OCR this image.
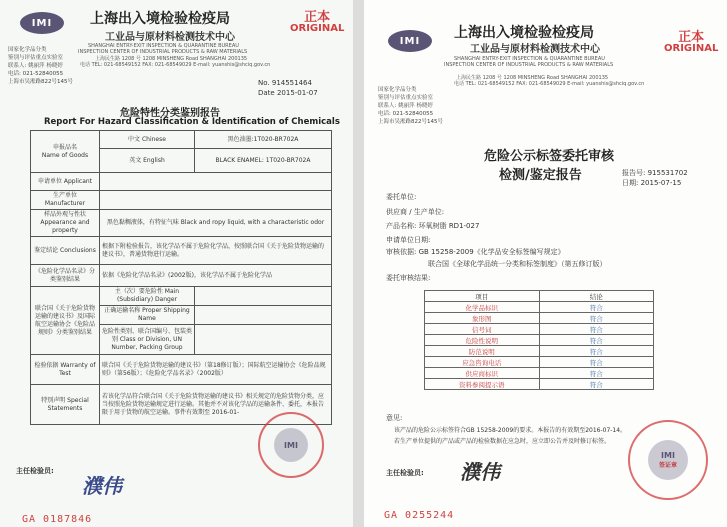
IMI	上海出入境检验检疫局
工业品与原材料检测技术中心
SHANGHAI ENTRY-EXIT INSPECTION & QUARANTINE BUREAU
INSPECTION CENTER OF INDUSTRIAL PRODUCTS & RAW MATERIALS
上海民生路 1208 号 1208 MINSHENG Road SHANGHAI 200135
电话 TEL: 021-68549152 FAX: 021-68549029 E-mail: yuanshis@shciq.gov.cn
正本
ORIGINAL
国家化学品分类
鉴别与评估重点实验室
联系人: 姚丽萍 杨晓婷
电话: 021-52840055
上海市吴淞路822号145号	No. 914551464
Date 2015-01-07
危险特性分类鉴别报告
Report For Hazard Classification & Identification of Chemicals
申报品名
Name of Goods	中文 Chinese	黑色油墨:1T020-BR702A
	英文 English	BLACK ENAMEL: 1T020-BR702A
申请单位 Applicant		
生产单位 Manufacturer		
样品外观与性状 Appearance and property	黑色黏稠液体，有特征气味 Black and ropy liquid, with a characteristic odor	
鉴定结论 Conclusions	根据下附检验报告，该化学品不属于危险化学品，按照联合国《关于危险货物运输的建议书》，普通货物进行运输。	
《危险化学品名录》分类鉴别结果	依据《危险化学品名录》(2002版)，该化学品不属于危险化学品	
联合国《关于危险货物运输的建议书》及国际航空运输协会《危险品规则》分类鉴别结果	主（次）要危险性 Main (Subsidiary) Danger	
	正确运输名称 Proper Shipping Name	
	危险性类别、联合国编号、包装类别 Class or Division, UN Number, Packing Group	
检验依据 Warranty of Test	联合国《关于危险货物运输的建议书》（第18修订版）；国际航空运输协会《危险品规则》（第56版）；《危险化学品名录》（2002版）	
特别声明 Special Statements	若该化学品符合联合国《关于危险货物运输的建议书》相关规定的危险货物分类，应当按照危险货物运输规定进行运输。其他并不对该化学品的运输条件、委托，本报告限于用于货物的航空运输。事件有效期至 2016-01-	
IMI
主任检验员:
濮伟
GA 0187846
IMI 上海出入境检验检疫局
工业品与原材料检测技术中心
SHANGHAI ENTRY-EXIT INSPECTION & QUARANTINE BUREAU
INSPECTION CENTER OF INDUSTRIAL PRODUCTS & RAW MATERIALS
上海民生路 1208 号 1208 MINSHENG Road SHANGHAI 200135
电话 TEL: 021-68549152 FAX: 021-68549029 E-mail: yuanshis@shciq.gov.cn
正本
ORIGINAL
国家化学品分类
鉴别与评估重点实验室
联系人: 姚丽萍 杨晓婷
电话: 021-52840055
上海市吴淞路822号145号
危险公示标签委托审核
检测/鉴定报告	报告号: 915531702
日期: 2015-07-15
委托单位:
供应商 / 生产单位:
产品名称: 环氧树脂 RD1-027
申请单位日期:
审核依据: GB 15258-2009《化学品安全标签编写规定》
联合国《全球化学品统一分类和标签制度》（第五修订版）
委托审核结果:
项目	结论
化学品标识	符合
象形图	符合
信号词	符合
危险性说明	符合
防范说明	符合
应急咨询电话	符合
供应商标识	符合
资料参阅提示语	符合
意见:
该产品的危险公示标签符合GB 15258-2009的要求。本报告的有效期至2016-07-14。
若生产单位提供的产品或产品的检验数据在应急时，应立即公告并及时修订标签。
IMI
签证章
主任检验员: 濮伟
GA 0255244
